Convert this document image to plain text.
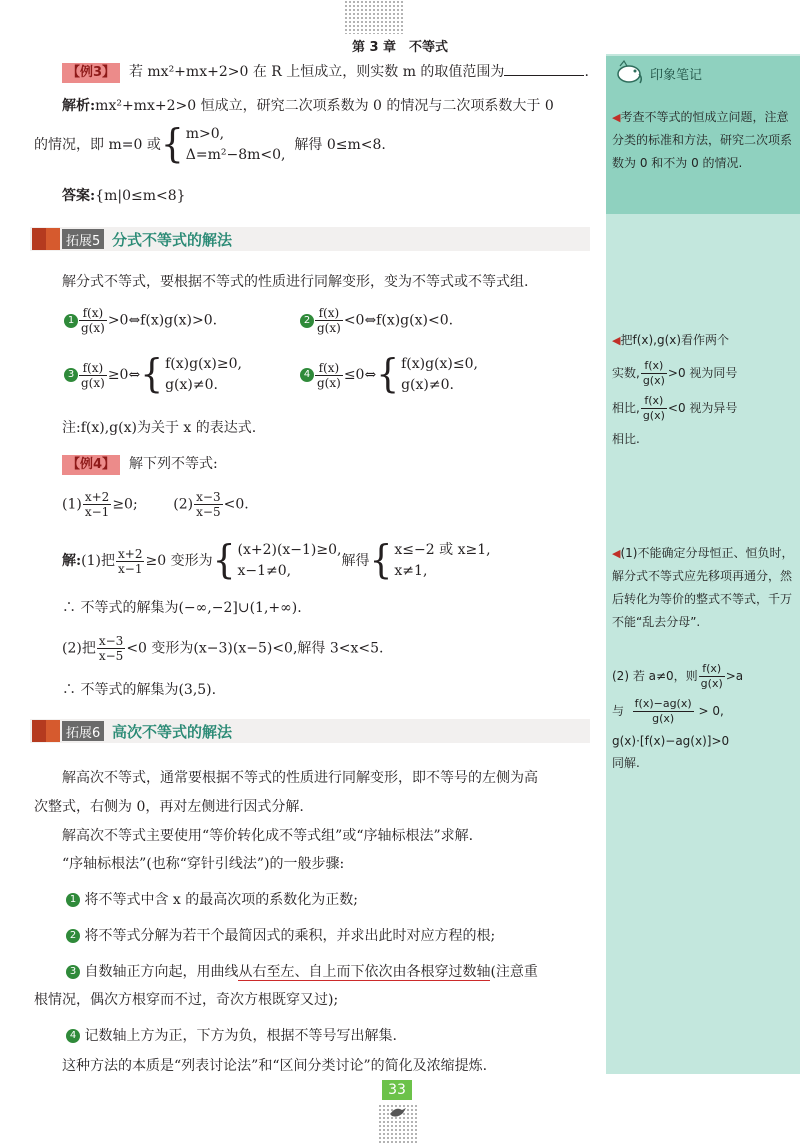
第 3 章　不等式
印象笔记
◀考查不等式的恒成立问题，注意分类的标准和方法，研究二次项系数为 0 和不为 0 的情况.
◀把f(x),g(x)看作两个
实数, $\frac{f(x)}{g(x)} >0$ 视为同号
相比, $\frac{f(x)}{g(x)} <0$ 视为异号
相比.
◀(1)不能确定分母恒正、恒负时，解分式不等式应先移项再通分，然后转化为等价的整式不等式，千万不能“乱去分母”.
(2) 若 a≠0，则 $\frac{f(x)}{g(x)} >a$
与 $\frac{f(x)-ag(x)}{g(x)} > 0$,
g(x)·[f(x)−ag(x)]>0
同解.
【例3】 若 mx²+mx+2>0 在 R 上恒成立，则实数 m 的取值范围为	.
解析:mx²+mx+2>0 恒成立，研究二次项系数为 0 的情况与二次项系数大于 0
的情况，即 m=0 或{ m>0,
Δ=m²−8m<0,
解得 0≤m<8.
答案:{m|0≤m<8}
拓展5 分式不等式的解法
解分式不等式，要根据不等式的性质进行同解变形，变为不等式或不等式组.
$1 \frac{f(x)}{g(x)}$ >0⇔f(x)g(x)>0.	$2 \frac{f(x)}{g(x)}$ <0⇔f(x)g(x)<0.
$3 \frac{f(x)}{g(x)}$ ≥0⇔{ f(x)g(x)≥0,
g(x)≠0.
$4 \frac{f(x)}{g(x)}$ ≤0⇔{ f(x)g(x)≤0,
g(x)≠0.
注:f(x),g(x)为关于 x 的表达式.
【例4】 解下列不等式:
$(1) \frac{x+2}{x-1} \ge 0$;	$(2) \frac{x-3}{x-5} <0$.
解:(1)把 $\frac{x+2}{x-1} \ge 0$ 变形为{ (x+2)(x−1)≥0,
x−1≠0,
解得{ x≤−2 或 x≥1,
x≠1,
∴ 不等式的解集为(−∞,−2]∪(1,+∞).
(2)把 $\frac{x-3}{x-5} <0$ 变形为(x−3)(x−5)<0,解得 3<x<5.
∴ 不等式的解集为(3,5).
拓展6 高次不等式的解法
解高次不等式，通常要根据不等式的性质进行同解变形，即不等号的左侧为高
次整式，右侧为 0，再对左侧进行因式分解.
解高次不等式主要使用“等价转化成不等式组”或“序轴标根法”求解.
“序轴标根法”(也称“穿针引线法”)的一般步骤:
1 将不等式中含 x 的最高次项的系数化为正数;
2 将不等式分解为若干个最简因式的乘积，并求出此时对应方程的根;
3 自数轴正方向起，用曲线从右至左、自上而下依次由各根穿过数轴(注意重
根情况，偶次方根穿而不过，奇次方根既穿又过);
4 记数轴上方为正，下方为负，根据不等号写出解集.
这种方法的本质是“列表讨论法”和“区间分类讨论”的简化及浓缩提炼.
33
